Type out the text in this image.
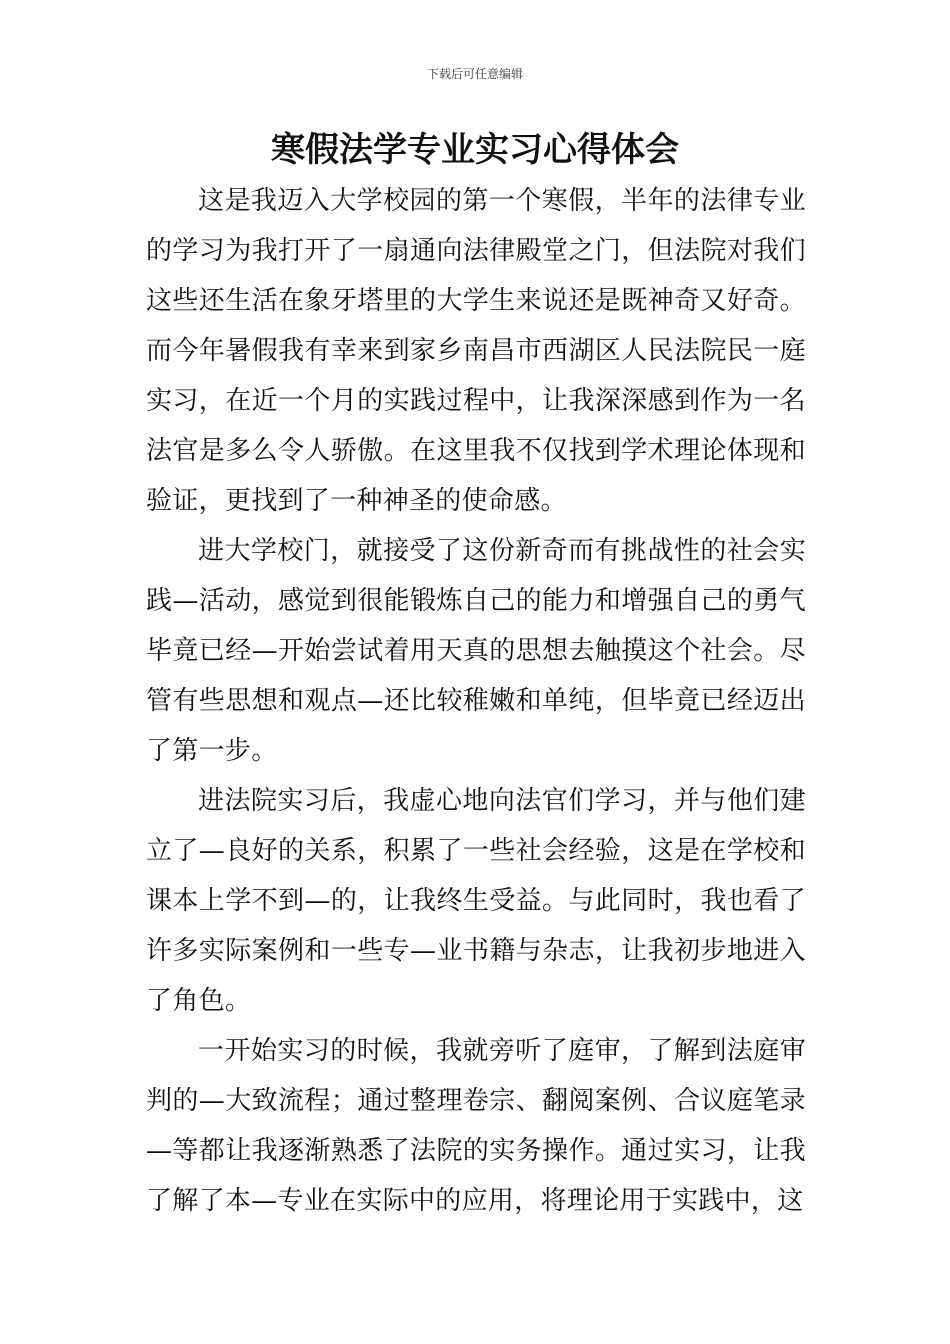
下载后可任意编辑
寒假法学专业实习心得体会

这是我迈入大学校园的第一个寒假，半年的法律专业的学习为我打开了一扇通向法律殿堂之门，但法院对我们这些还生活在象牙塔里的大学生来说还是既神奇又好奇。而今年暑假我有幸来到家乡南昌市西湖区人民法院民一庭实习，在近一个月的实践过程中，让我深深感到作为一名法官是多么令人骄傲。在这里我不仅找到学术理论体现和验证，更找到了一种神圣的使命感。

进大学校门，就接受了这份新奇而有挑战性的社会实践—活动，感觉到很能锻炼自己的能力和增强自己的勇气毕竟已经—开始尝试着用天真的思想去触摸这个社会。尽管有些思想和观点—还比较稚嫩和单纯，但毕竟已经迈出了第一步。

进法院实习后，我虚心地向法官们学习，并与他们建立了—良好的关系，积累了一些社会经验，这是在学校和课本上学不到—的，让我终生受益。与此同时，我也看了许多实际案例和一些专—业书籍与杂志，让我初步地进入了角色。

一开始实习的时候，我就旁听了庭审，了解到法庭审判的—大致流程；通过整理卷宗、翻阅案例、合议庭笔录—等都让我逐渐熟悉了法院的实务操作。通过实习，让我了解了本—专业在实际中的应用，将理论用于实践中，这
